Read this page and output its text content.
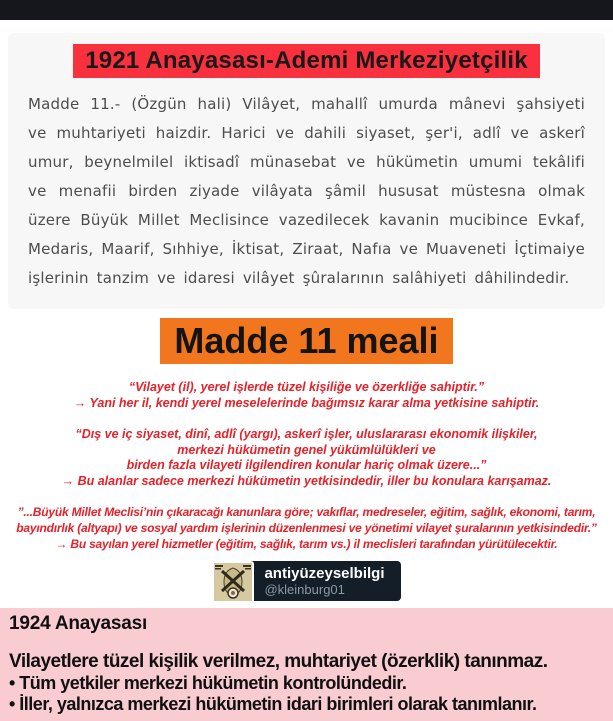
1921 Anayasası-Ademi Merkeziyetçilik

Madde 11.- (Özgün hali) Vilâyet, mahallî umurda mânevi şahsiyeti ve muhtariyeti haizdir. Harici ve dahili siyaset, şer'i, adlî ve askerî umur, beynelmilel iktisadî münasebat ve hükümetin umumi tekâlifi ve menafii birden ziyade vilâyata şâmil hususat müstesna olmak üzere Büyük Millet Meclisince vazedilecek kavanin mucibince Evkaf, Medaris, Maarif, Sıhhiye, İktisat, Ziraat, Nafıa ve Muaveneti İçtimaiye işlerinin tanzim ve idaresi vilâyet şûralarının salâhiyeti dâhilindedir.

Madde 11 meali
“Vilayet (il), yerel işlerde tüzel kişiliğe ve özerkliğe sahiptir.”
→ Yani her il, kendi yerel meselelerinde bağımsız karar alma yetkisine sahiptir.
“Dış ve iç siyaset, dinî, adlî (yargı), askerî işler, uluslararası ekonomik ilişkiler,
merkezi hükümetin genel yükümlülükleri ve
birden fazla vilayeti ilgilendiren konular hariç olmak üzere...”
→ Bu alanlar sadece merkezi hükümetin yetkisindedir, iller bu konulara karışamaz.
”...Büyük Millet Meclisi’nin çıkaracağı kanunlara göre; vakıflar, medreseler, eğitim, sağlık, ekonomi, tarım,
bayındırlık (altyapı) ve sosyal yardım işlerinin düzenlenmesi ve yönetimi vilayet şuralarının yetkisindedir.”
→ Bu sayılan yerel hizmetler (eğitim, sağlık, tarım vs.) il meclisleri tarafından yürütülecektir.
antiyüzeyselbilgi
@kleinburg01
1924 Anayasası
Vilayetlere tüzel kişilik verilmez, muhtariyet (özerklik) tanınmaz.
• Tüm yetkiler merkezi hükümetin kontrolündedir.
• İller, yalnızca merkezi hükümetin idari birimleri olarak tanımlanır.
